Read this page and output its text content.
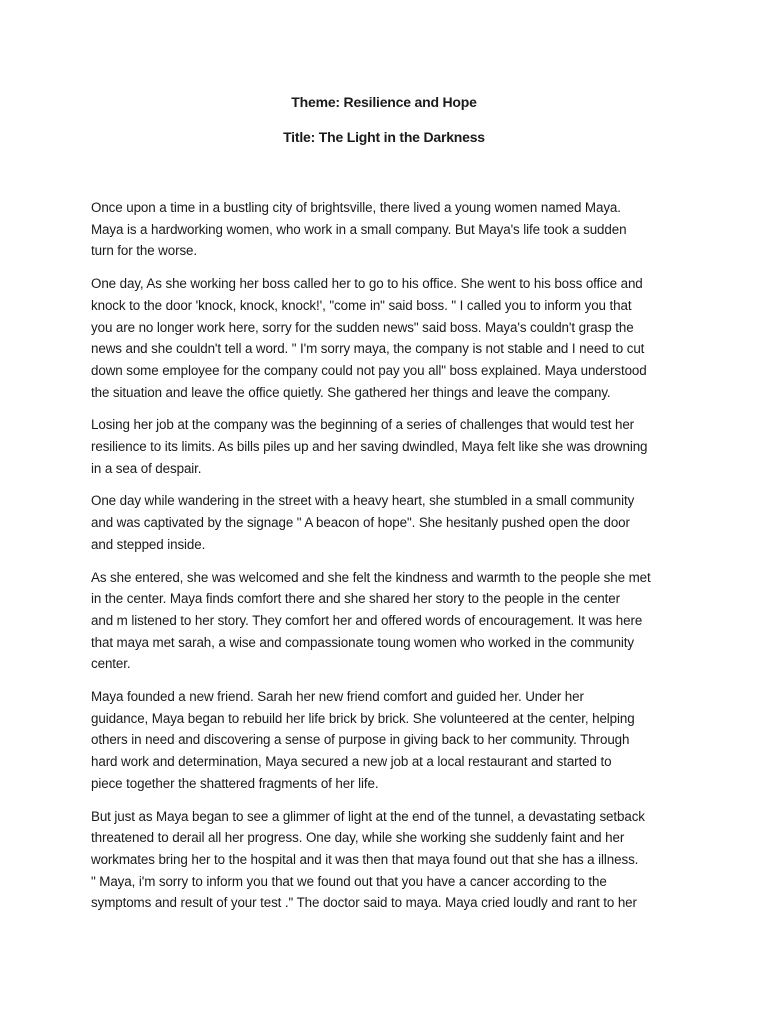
Theme: Resilience and Hope
Title: The Light in the Darkness

Once upon a time in a bustling city of brightsville, there lived a young women named Maya.
Maya is a hardworking women, who work in a small company. But Maya's life took a sudden
turn for the worse.

One day, As she working her boss called her to go to his office. She went to his boss office and
knock to the door 'knock, knock, knock!', "come in" said boss. " I called you to inform you that
you are no longer work here, sorry for the sudden news" said boss. Maya's couldn't grasp the
news and she couldn't tell a word. " I'm sorry maya, the company is not stable and I need to cut
down some employee for the company could not pay you all" boss explained. Maya understood
the situation and leave the office quietly. She gathered her things and leave the company.

Losing her job at the company was the beginning of a series of challenges that would test her
resilience to its limits. As bills piles up and her saving dwindled, Maya felt like she was drowning
in a sea of despair.

One day while wandering in the street with a heavy heart, she stumbled in a small community
and was captivated by the signage " A beacon of hope". She hesitanly pushed open the door
and stepped inside.

As she entered, she was welcomed and she felt the kindness and warmth to the people she met
in the center. Maya finds comfort there and she shared her story to the people in the center
and m listened to her story. They comfort her and offered words of encouragement. It was here
that maya met sarah, a wise and compassionate toung women who worked in the community
center.

Maya founded a new friend. Sarah her new friend comfort and guided her. Under her
guidance, Maya began to rebuild her life brick by brick. She volunteered at the center, helping
others in need and discovering a sense of purpose in giving back to her community. Through
hard work and determination, Maya secured a new job at a local restaurant and started to
piece together the shattered fragments of her life.

But just as Maya began to see a glimmer of light at the end of the tunnel, a devastating setback
threatened to derail all her progress. One day, while she working she suddenly faint and her
workmates bring her to the hospital and it was then that maya found out that she has a illness.
" Maya, i'm sorry to inform you that we found out that you have a cancer according to the
symptoms and result of your test ." The doctor said to maya. Maya cried loudly and rant to her
